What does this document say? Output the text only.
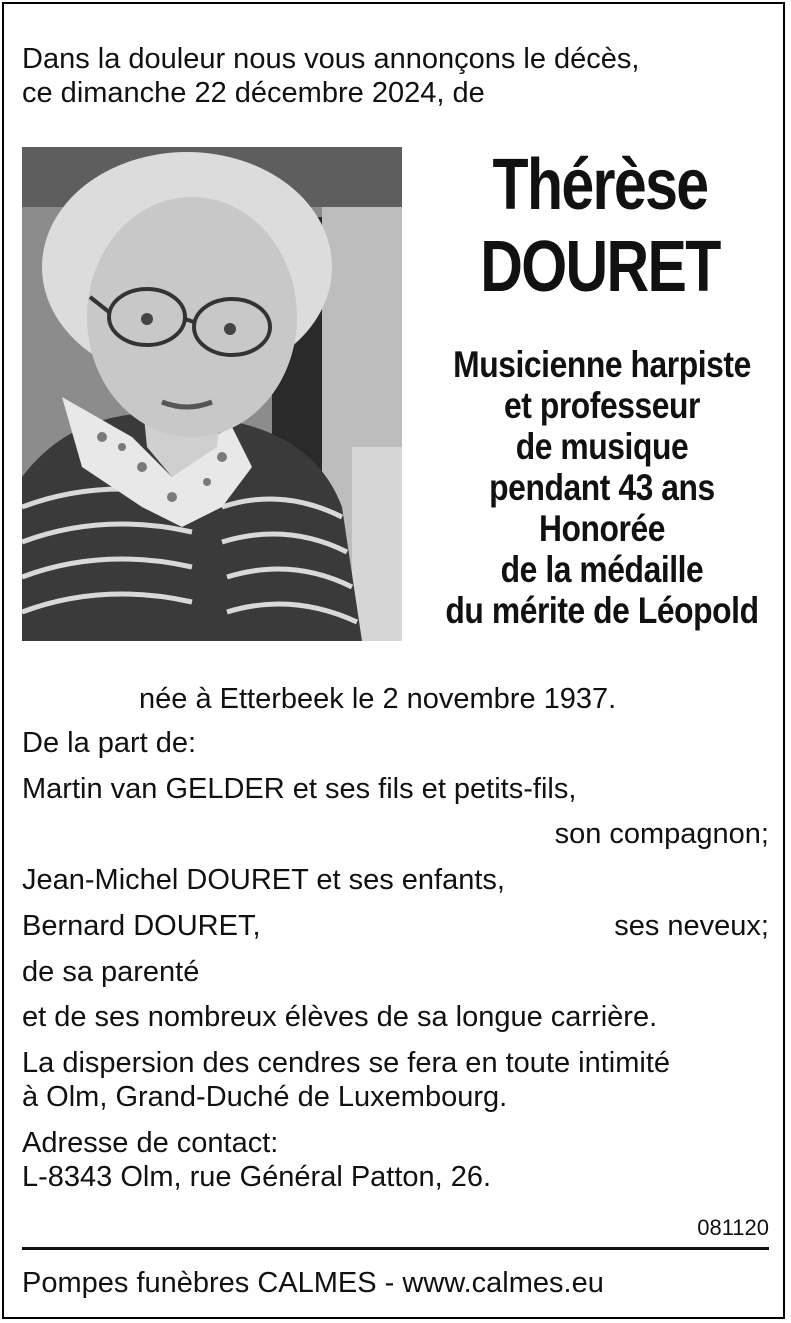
Dans la douleur nous vous annonçons le décès,
ce dimanche 22 décembre 2024, de
Thérèse
DOURET
Musicienne harpiste
et professeur
de musique
pendant 43 ans
Honorée
de la médaille
du mérite de Léopold
née à Etterbeek le 2 novembre 1937.
De la part de:
Martin van GELDER et ses fils et petits-fils,
son compagnon;
Jean-Michel DOURET et ses enfants,
Bernard DOURET,	ses neveux;
de sa parenté
et de ses nombreux élèves de sa longue carrière.
La dispersion des cendres se fera en toute intimité
à Olm, Grand-Duché de Luxembourg.
Adresse de contact:
L-8343 Olm, rue Général Patton, 26.
081120
Pompes funèbres CALMES - www.calmes.eu
